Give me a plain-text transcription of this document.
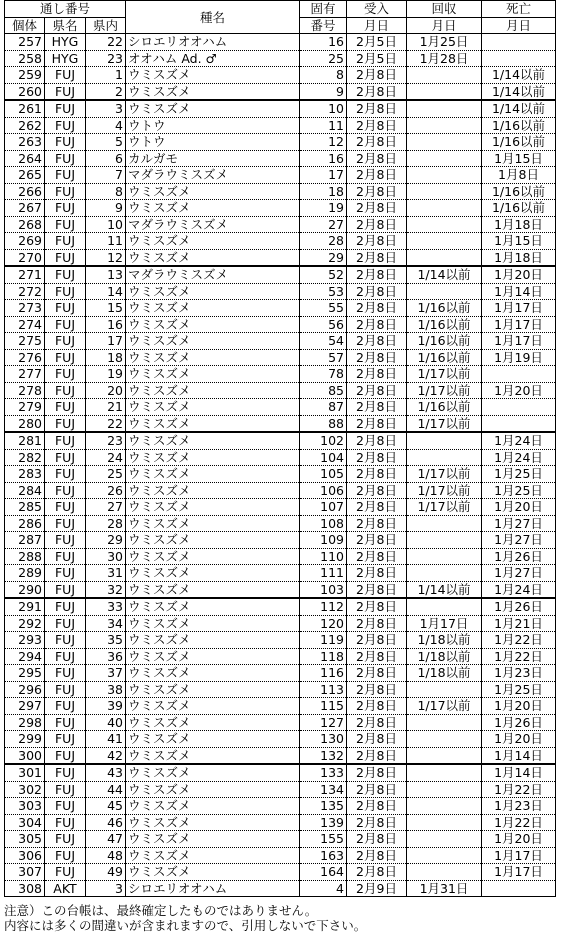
通し番号			種名	固有	受入	回収	死亡
個体	県名	県内		番号	月日	月日	月日
257	HYG	22	シロエリオオハム	16	2月5日	1月25日	
258	HYG	23	オオハム Ad. ♂	25	2月5日	1月28日	
259	FUJ	1	ウミスズメ	8	2月8日		1/14以前
260	FUJ	2	ウミスズメ	9	2月8日		1/14以前
261	FUJ	3	ウミスズメ	10	2月8日		1/14以前
262	FUJ	4	ウトウ	11	2月8日		1/16以前
263	FUJ	5	ウトウ	12	2月8日		1/16以前
264	FUJ	6	カルガモ	16	2月8日		1月15日
265	FUJ	7	マダラウミスズメ	17	2月8日		1月8日
266	FUJ	8	ウミスズメ	18	2月8日		1/16以前
267	FUJ	9	ウミスズメ	19	2月8日		1/16以前
268	FUJ	10	マダラウミスズメ	27	2月8日		1月18日
269	FUJ	11	ウミスズメ	28	2月8日		1月15日
270	FUJ	12	ウミスズメ	29	2月8日		1月18日
271	FUJ	13	マダラウミスズメ	52	2月8日	1/14以前	1月20日
272	FUJ	14	ウミスズメ	53	2月8日		1月14日
273	FUJ	15	ウミスズメ	55	2月8日	1/16以前	1月17日
274	FUJ	16	ウミスズメ	56	2月8日	1/16以前	1月17日
275	FUJ	17	ウミスズメ	54	2月8日	1/16以前	1月17日
276	FUJ	18	ウミスズメ	57	2月8日	1/16以前	1月19日
277	FUJ	19	ウミスズメ	78	2月8日	1/17以前	
278	FUJ	20	ウミスズメ	85	2月8日	1/17以前	1月20日
279	FUJ	21	ウミスズメ	87	2月8日	1/16以前	
280	FUJ	22	ウミスズメ	88	2月8日	1/17以前	
281	FUJ	23	ウミスズメ	102	2月8日		1月24日
282	FUJ	24	ウミスズメ	104	2月8日		1月24日
283	FUJ	25	ウミスズメ	105	2月8日	1/17以前	1月25日
284	FUJ	26	ウミスズメ	106	2月8日	1/17以前	1月25日
285	FUJ	27	ウミスズメ	107	2月8日	1/17以前	1月20日
286	FUJ	28	ウミスズメ	108	2月8日		1月27日
287	FUJ	29	ウミスズメ	109	2月8日		1月27日
288	FUJ	30	ウミスズメ	110	2月8日		1月26日
289	FUJ	31	ウミスズメ	111	2月8日		1月27日
290	FUJ	32	ウミスズメ	103	2月8日	1/14以前	1月24日
291	FUJ	33	ウミスズメ	112	2月8日		1月26日
292	FUJ	34	ウミスズメ	120	2月8日	1月17日	1月21日
293	FUJ	35	ウミスズメ	119	2月8日	1/18以前	1月22日
294	FUJ	36	ウミスズメ	118	2月8日	1/18以前	1月22日
295	FUJ	37	ウミスズメ	116	2月8日	1/18以前	1月23日
296	FUJ	38	ウミスズメ	113	2月8日		1月25日
297	FUJ	39	ウミスズメ	115	2月8日	1/17以前	1月20日
298	FUJ	40	ウミスズメ	127	2月8日		1月26日
299	FUJ	41	ウミスズメ	130	2月8日		1月20日
300	FUJ	42	ウミスズメ	132	2月8日		1月14日
301	FUJ	43	ウミスズメ	133	2月8日		1月14日
302	FUJ	44	ウミスズメ	134	2月8日		1月22日
303	FUJ	45	ウミスズメ	135	2月8日		1月23日
304	FUJ	46	ウミスズメ	139	2月8日		1月22日
305	FUJ	47	ウミスズメ	155	2月8日		1月20日
306	FUJ	48	ウミスズメ	163	2月8日		1月17日
307	FUJ	49	ウミスズメ	164	2月8日		1月17日
308	AKT	3	シロエリオオハム	4	2月9日	1月31日	
注意）この台帳は、最終確定したものではありません。
内容には多くの間違いが含まれますので、引用しないで下さい。
